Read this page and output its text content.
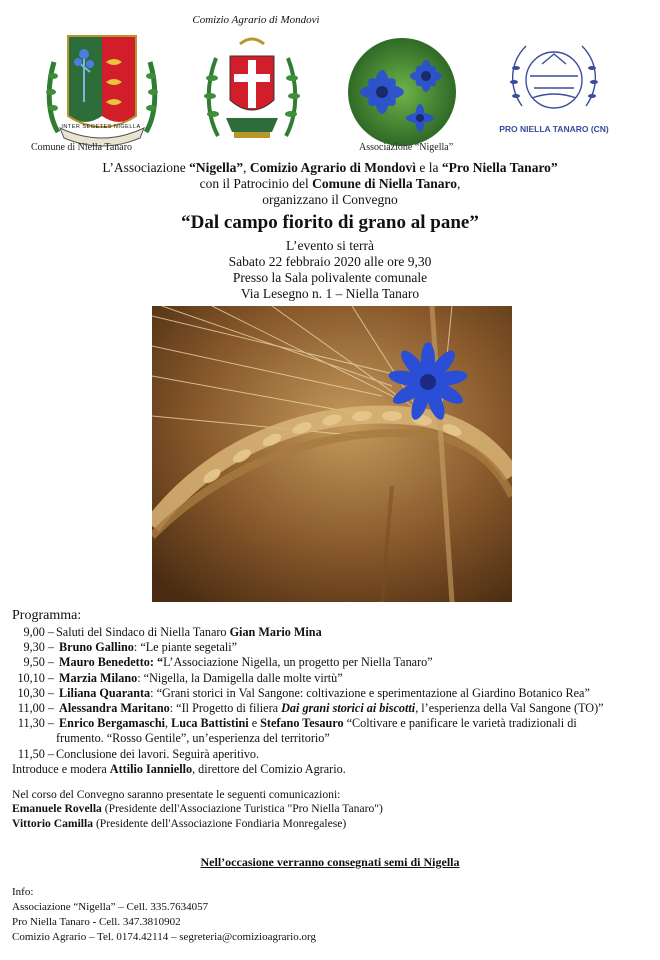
INTER SEGETES NIGELLA
Comune di Niella Tanaro
Comizio Agrario di Mondovì
Associazione “Nigella”
PRO NIELLA TANARO (CN)
L’Associazione “Nigella”, Comizio Agrario di Mondovì e la “Pro Niella Tanaro”
con il Patrocinio del Comune di Niella Tanaro,
organizzano il Convegno
“Dal campo fiorito di grano al pane”
L’evento si terrà
Sabato 22 febbraio 2020 alle ore 9,30
Presso la Sala polivalente comunale
Via Lesegno n. 1 – Niella Tanaro
Programma:
9,00 – Saluti del Sindaco di Niella Tanaro Gian Mario Mina
9,30 – Bruno Gallino: “Le piante segetali”
9,50 – Mauro Benedetto: “L’Associazione Nigella, un progetto per Niella Tanaro”
10,10 – Marzia Milano: “Nigella, la Damigella dalle molte virtù”
10,30 – Liliana Quaranta: “Grani storici in Val Sangone: coltivazione e sperimentazione al Giardino Botanico Rea”
11,00 – Alessandra Maritano: “Il Progetto di filiera Dai grani storici ai biscotti, l’esperienza della Val Sangone (TO)”
11,30 – Enrico Bergamaschi, Luca Battistini e Stefano Tesauro “Coltivare e panificare le varietà tradizionali di
frumento. “Rosso Gentile”, un’esperienza del territorio”
11,50 – Conclusione dei lavori. Seguirà aperitivo.
Introduce e modera Attilio Ianniello, direttore del Comizio Agrario.
Nel corso del Convegno saranno presentate le seguenti comunicazioni:
Emanuele Rovella (Presidente dell'Associazione Turistica "Pro Niella Tanaro")
Vittorio Camilla (Presidente dell'Associazione Fondiaria Monregalese)
Nell’occasione verranno consegnati semi di Nigella
Info:
Associazione “Nigella” – Cell. 335.7634057
Pro Niella Tanaro - Cell. 347.3810902
Comizio Agrario – Tel. 0174.42114 – segreteria@comizioagrario.org
